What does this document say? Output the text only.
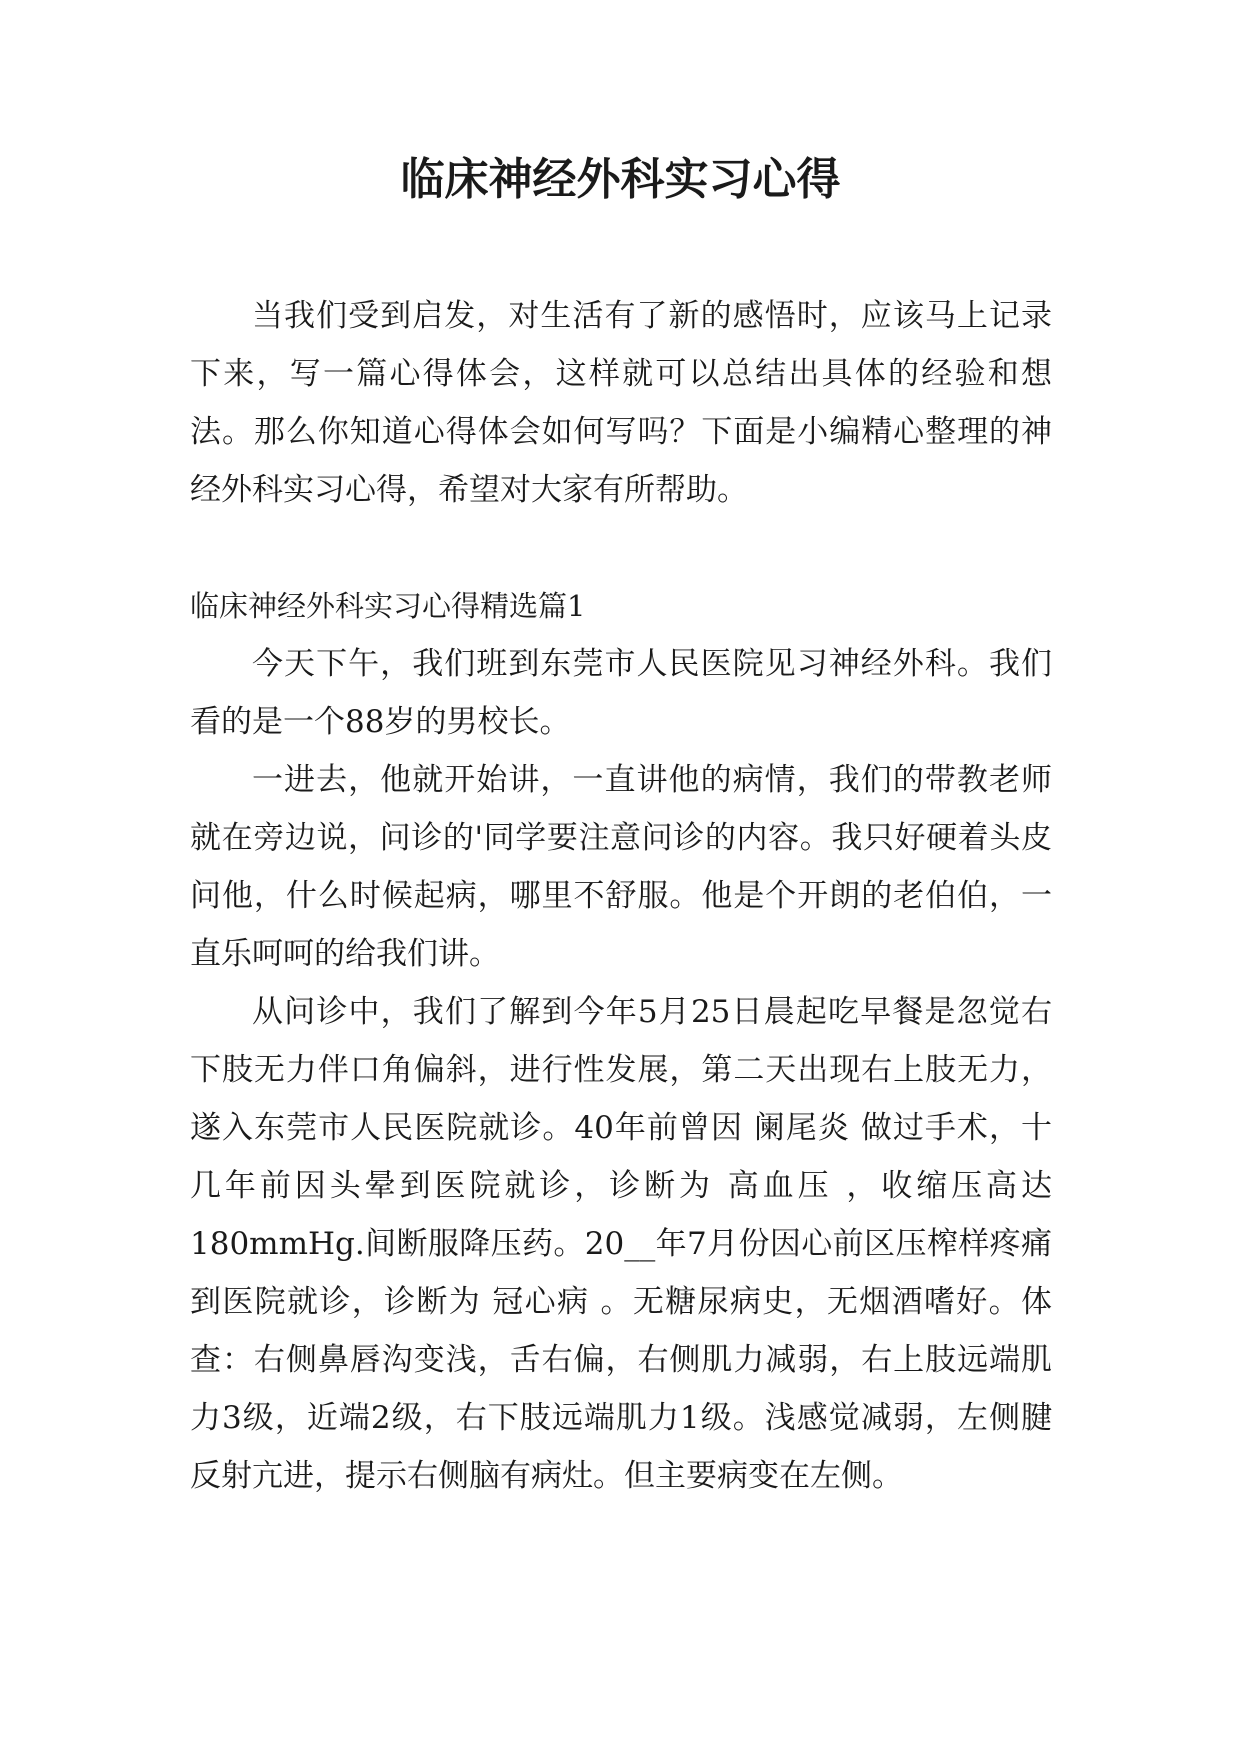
临床神经外科实习心得

当我们受到启发，对生活有了新的感悟时，应该马上记录下来，写一篇心得体会，这样就可以总结出具体的经验和想法。那么你知道心得体会如何写吗？下面是小编精心整理的神经外科实习心得，希望对大家有所帮助。

临床神经外科实习心得精选篇1

今天下午，我们班到东莞市人民医院见习神经外科。我们看的是一个88岁的男校长。

一进去，他就开始讲，一直讲他的病情，我们的带教老师就在旁边说，问诊的'同学要注意问诊的内容。我只好硬着头皮问他，什么时候起病，哪里不舒服。他是个开朗的老伯伯，一直乐呵呵的给我们讲。

从问诊中，我们了解到今年5月25日晨起吃早餐是忽觉右下肢无力伴口角偏斜，进行性发展，第二天出现右上肢无力，遂入东莞市人民医院就诊。40年前曾因 阑尾炎 做过手术，十几年前因头晕到医院就诊，诊断为 高血压 ，收缩压高达180mmHg.间断服降压药。20__年7月份因心前区压榨样疼痛到医院就诊，诊断为 冠心病 。无糖尿病史，无烟酒嗜好。体查：右侧鼻唇沟变浅，舌右偏，右侧肌力减弱，右上肢远端肌力3级，近端2级，右下肢远端肌力1级。浅感觉减弱，左侧腱反射亢进，提示右侧脑有病灶。但主要病变在左侧。
